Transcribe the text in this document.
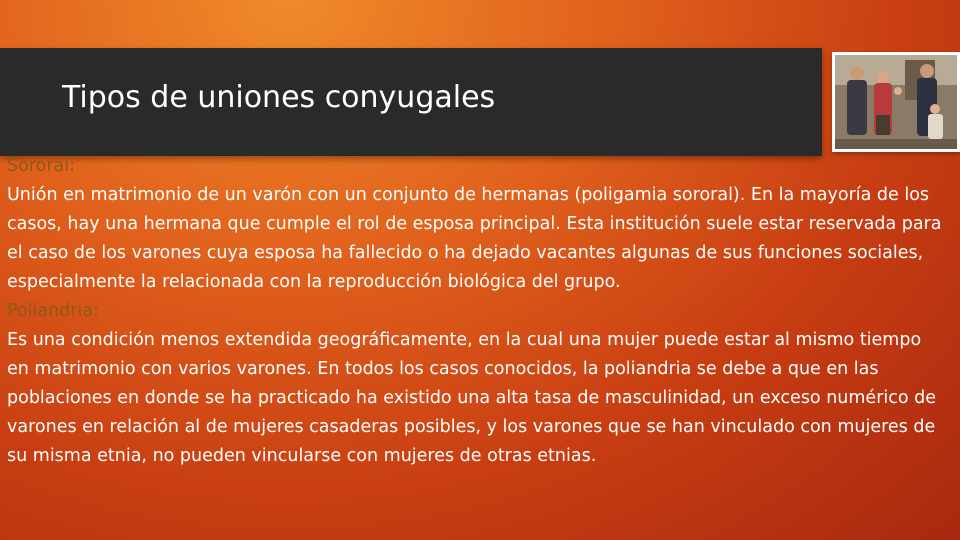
Tipos de uniones conyugales
Sororal:
Unión en matrimonio de un varón con un conjunto de hermanas (poligamia sororal). En la mayoría de los casos, hay una hermana que cumple el rol de esposa principal. Esta institución suele estar reservada para el caso de los varones cuya esposa ha fallecido o ha dejado vacantes algunas de sus funciones sociales, especialmente la relacionada con la reproducción biológica del grupo.
Poliandria:
Es una condición menos extendida geográficamente, en la cual una mujer puede estar al mismo tiempo en matrimonio con varios varones. En todos los casos conocidos, la poliandria se debe a que en las poblaciones en donde se ha practicado ha existido una alta tasa de masculinidad, un exceso numérico de varones en relación al de mujeres casaderas posibles, y los varones que se han vinculado con mujeres de su misma etnia, no pueden vincularse con mujeres de otras etnias.
